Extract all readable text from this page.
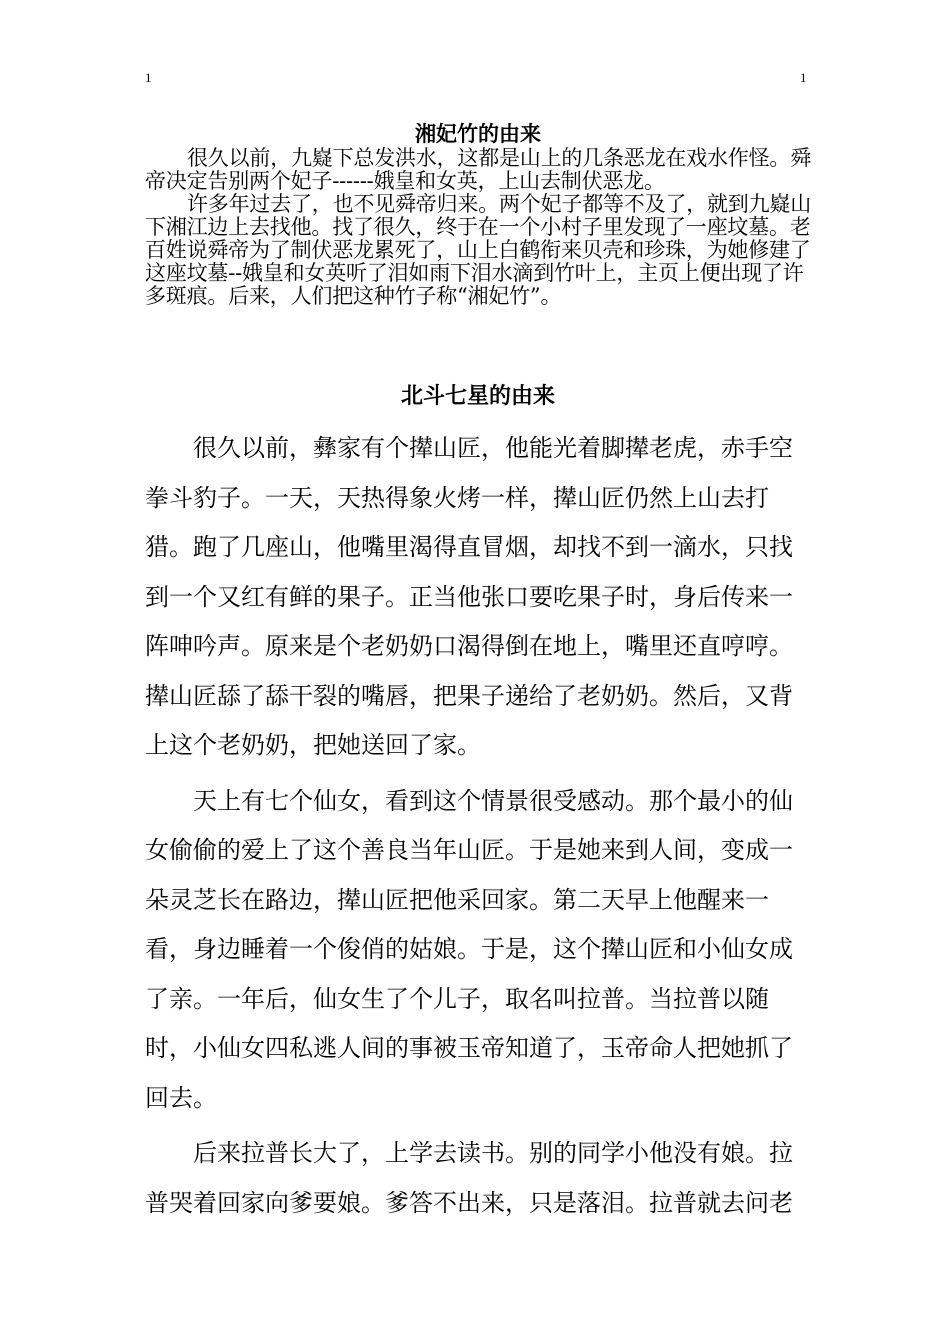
1	1
湘妃竹的由来

很久以前，九嶷下总发洪水，这都是山上的几条恶龙在戏水作怪。舜帝决定告别两个妃子------娥皇和女英，上山去制伏恶龙。

许多年过去了，也不见舜帝归来。两个妃子都等不及了，就到九嶷山下湘江边上去找他。找了很久，终于在一个小村子里发现了一座坟墓。老百姓说舜帝为了制伏恶龙累死了，山上白鹤衔来贝壳和珍珠，为她修建了这座坟墓--娥皇和女英听了泪如雨下泪水滴到竹叶上，主页上便出现了许多斑痕。后来，人们把这种竹子称“湘妃竹”。

北斗七星的由来

很久以前，彝家有个撵山匠，他能光着脚撵老虎，赤手空拳斗豹子。一天，天热得象火烤一样，撵山匠仍然上山去打猎。跑了几座山，他嘴里渴得直冒烟，却找不到一滴水，只找到一个又红有鲜的果子。正当他张口要吃果子时，身后传来一阵呻吟声。原来是个老奶奶口渴得倒在地上，嘴里还直哼哼。撵山匠舔了舔干裂的嘴唇，把果子递给了老奶奶。然后，又背上这个老奶奶，把她送回了家。

天上有七个仙女，看到这个情景很受感动。那个最小的仙女偷偷的爱上了这个善良当年山匠。于是她来到人间，变成一朵灵芝长在路边，撵山匠把他采回家。第二天早上他醒来一看，身边睡着一个俊俏的姑娘。于是，这个撵山匠和小仙女成了亲。一年后，仙女生了个儿子，取名叫拉普。当拉普以随时，小仙女四私逃人间的事被玉帝知道了，玉帝命人把她抓了回去。

后来拉普长大了，上学去读书。别的同学小他没有娘。拉普哭着回家向爹要娘。爹答不出来，只是落泪。拉普就去问老
